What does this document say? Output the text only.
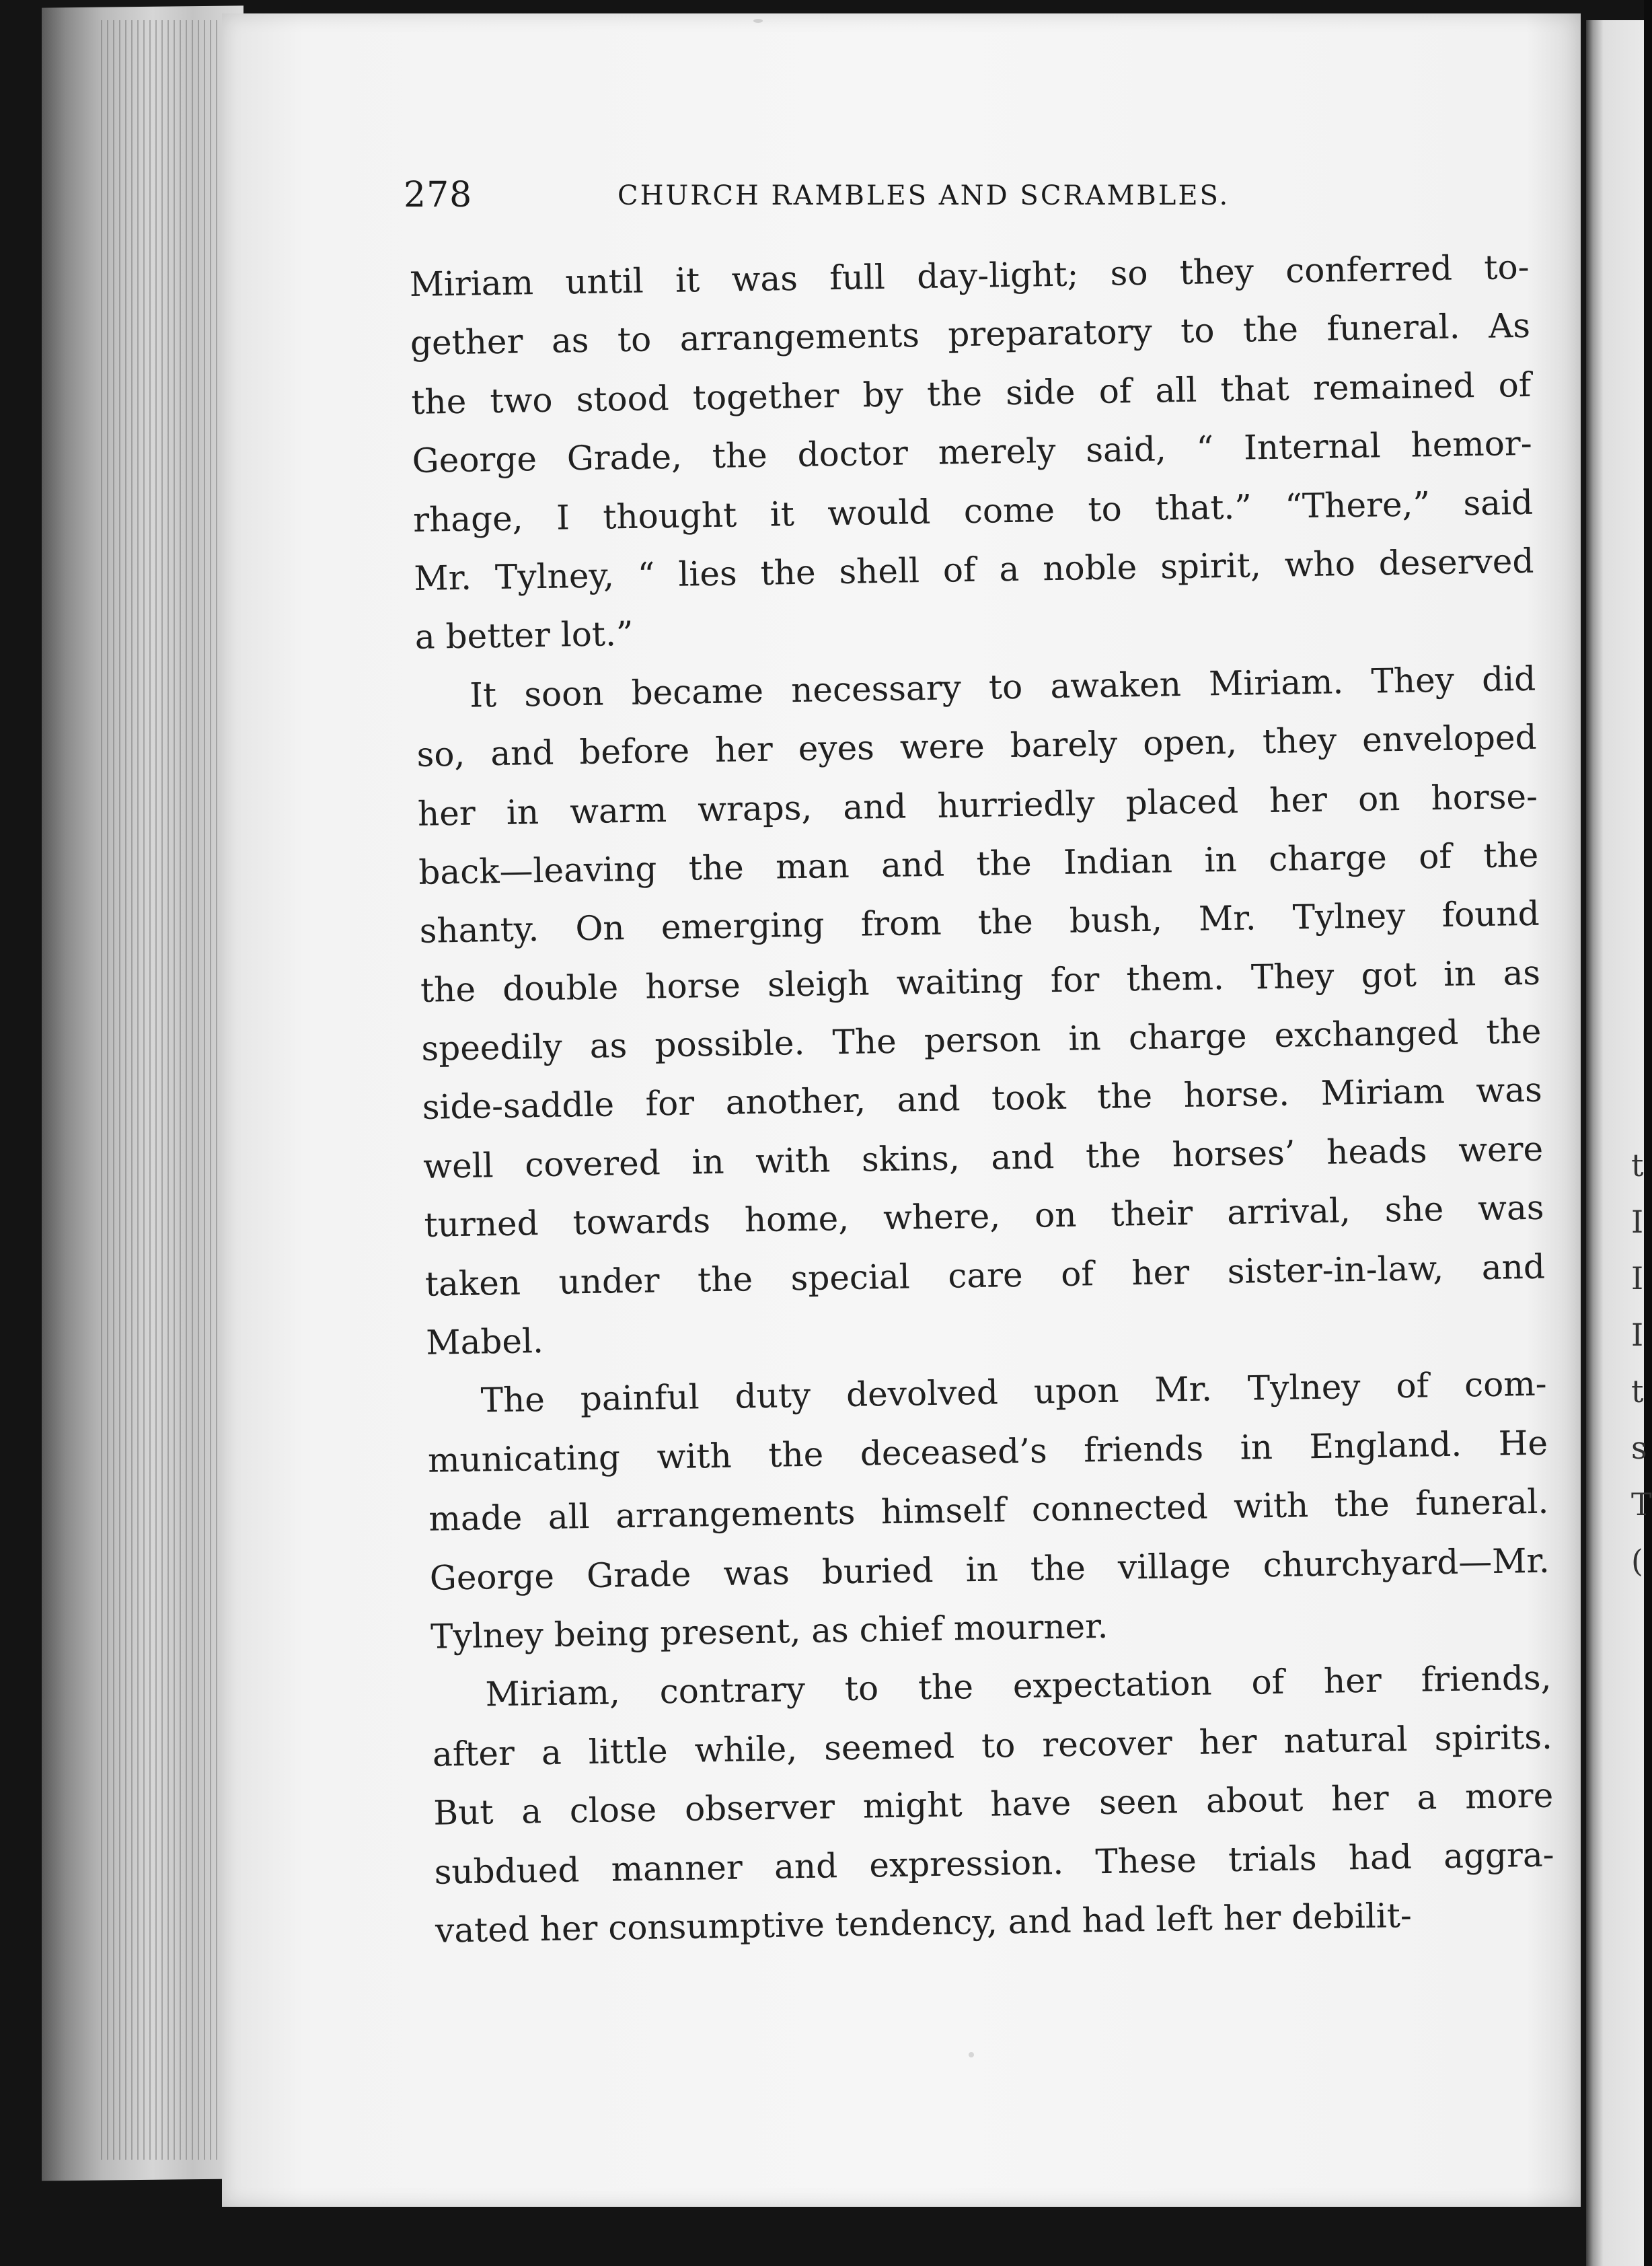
t
I
I
I
t
s
T
(
278	CHURCH RAMBLES AND SCRAMBLES.
Miriam until it was full day-light; so they conferred to-
gether as to arrangements preparatory to the funeral. As
the two stood together by the side of all that remained of
George Grade, the doctor merely said, “ Internal hemor-
rhage, I thought it would come to that.” “There,” said
Mr. Tylney, “ lies the shell of a noble spirit, who deserved
a better lot.”
It soon became necessary to awaken Miriam. They did
so, and before her eyes were barely open, they enveloped
her in warm wraps, and hurriedly placed her on horse-
back—leaving the man and the Indian in charge of the
shanty. On emerging from the bush, Mr. Tylney found
the double horse sleigh waiting for them. They got in as
speedily as possible. The person in charge exchanged the
side-saddle for another, and took the horse. Miriam was
well covered in with skins, and the horses’ heads were
turned towards home, where, on their arrival, she was
taken under the special care of her sister-in-law, and
Mabel.
The painful duty devolved upon Mr. Tylney of com-
municating with the deceased’s friends in England. He
made all arrangements himself connected with the funeral.
George Grade was buried in the village churchyard—Mr.
Tylney being present, as chief mourner.
Miriam, contrary to the expectation of her friends,
after a little while, seemed to recover her natural spirits.
But a close observer might have seen about her a more
subdued manner and expression. These trials had aggra-
vated her consumptive tendency, and had left her debilit-
